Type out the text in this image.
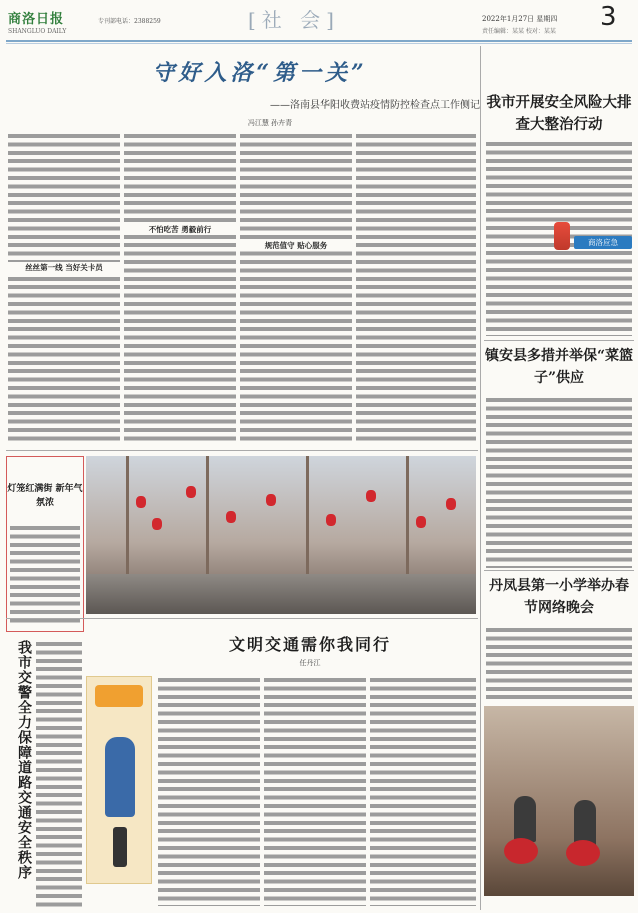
商洛日报
SHANGLUO DAILY
专刊部电话：2388259	[社 会]	2022年1月27日 星期四 3
责任编辑：某某 校对：某某
守好入洛“第一关”
——洛南县华阳收费站疫情防控检查点工作侧记
冯江慧 孙卉青
丝丝第一线 当好关卡员
不怕吃苦 勇毅前行
规范值守 贴心服务
我市开展安全风险大排查大整治行动
商洛应急
镇安县多措并举保“菜篮子”供应
丹凤县第一小学举办春节网络晚会
灯笼红满街 新年气氛浓
我市交警全力保障道路交通安全秩序	文明交通需你我同行
任丹江
